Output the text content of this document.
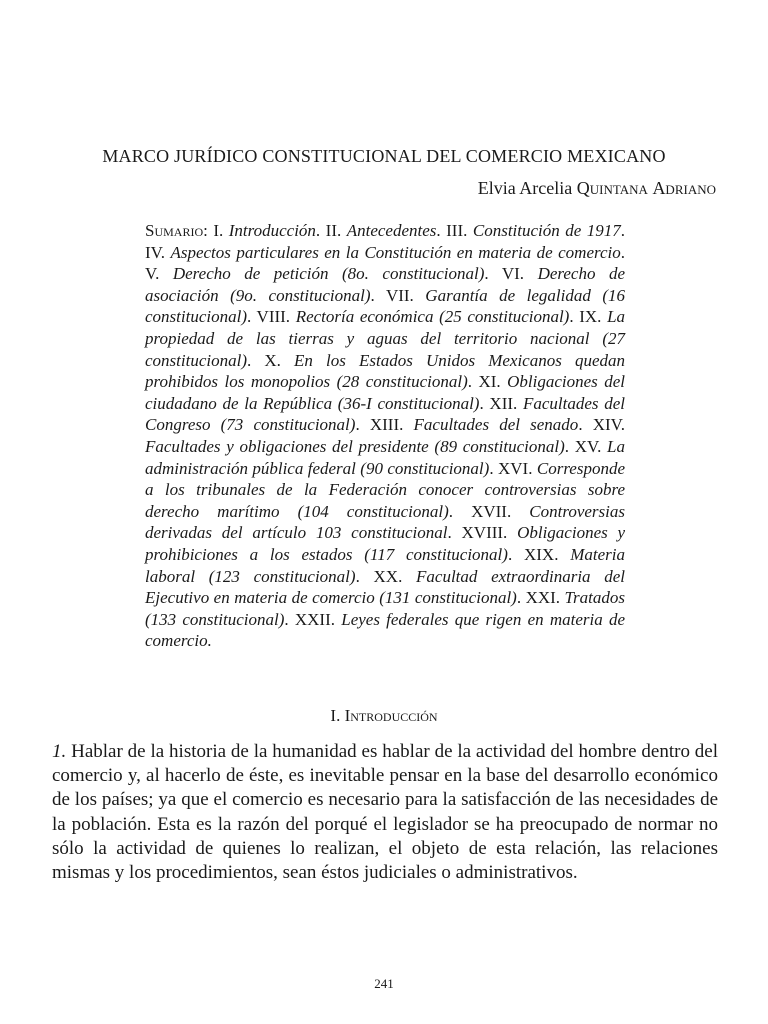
MARCO JURÍDICO CONSTITUCIONAL DEL COMERCIO MEXICANO
Elvia Arcelia Quintana Adriano
Sumario: I. Introducción. II. Antecedentes. III. Constitución de 1917. IV. Aspectos particulares en la Constitución en materia de comercio. V. Derecho de petición (8o. constitucional). VI. Derecho de asociación (9o. constitucional). VII. Garantía de legalidad (16 constitucional). VIII. Rectoría económica (25 constitucional). IX. La propiedad de las tierras y aguas del territorio nacional (27 constitucional). X. En los Estados Unidos Mexicanos quedan prohibidos los monopolios (28 constitucional). XI. Obligaciones del ciudadano de la República (36-I constitucional). XII. Facultades del Congreso (73 constitucional). XIII. Facultades del senado. XIV. Facultades y obligaciones del presidente (89 constitucional). XV. La administración pública federal (90 constitucional). XVI. Corresponde a los tribunales de la Federación conocer controversias sobre derecho marítimo (104 constitucional). XVII. Controversias derivadas del artículo 103 constitucional. XVIII. Obligaciones y prohibiciones a los estados (117 constitucional). XIX. Materia laboral (123 constitucional). XX. Facultad extraordinaria del Ejecutivo en materia de comercio (131 constitucional). XXI. Tratados (133 constitucional). XXII. Leyes federales que rigen en materia de comercio.
I. Introducción
1. Hablar de la historia de la humanidad es hablar de la actividad del hombre dentro del comercio y, al hacerlo de éste, es inevitable pensar en la base del desarrollo económico de los países; ya que el comercio es necesario para la satisfacción de las necesidades de la población. Esta es la razón del porqué el legislador se ha preocupado de normar no sólo la actividad de quienes lo realizan, el objeto de esta relación, las relaciones mismas y los procedimientos, sean éstos judiciales o administrativos.
241
